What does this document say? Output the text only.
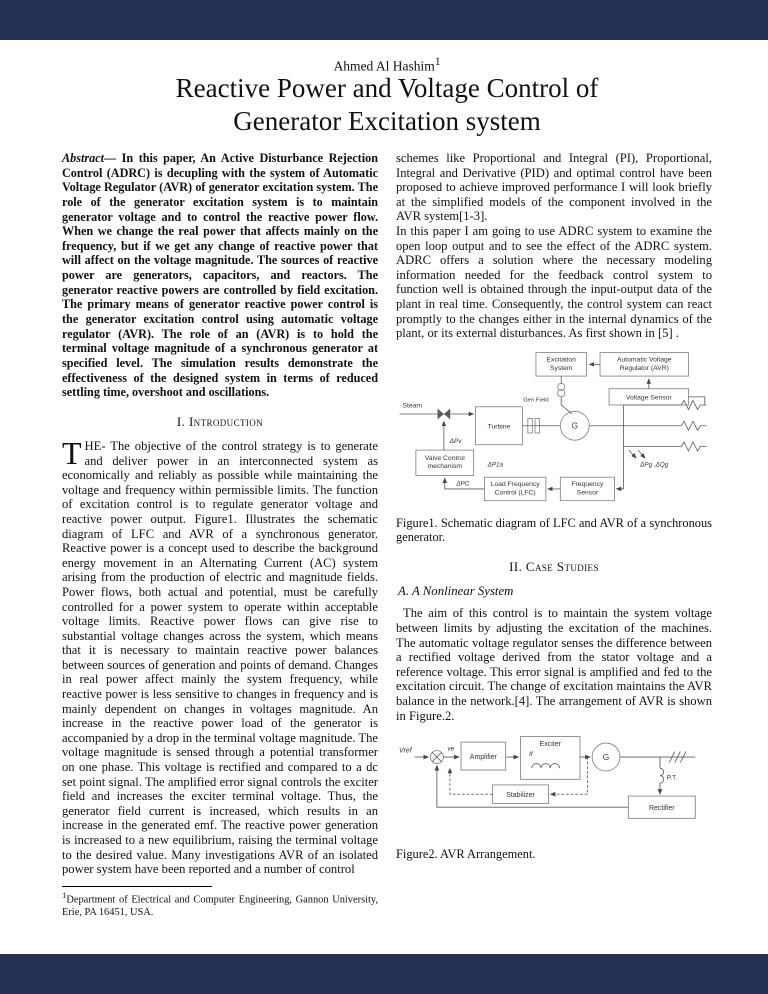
Ahmed Al Hashim$^1$
Reactive Power and Voltage Control of
Generator Excitation system

Abstract— In this paper, An Active Disturbance Rejection Control (ADRC) is decupling with the system of Automatic Voltage Regulator (AVR) of generator excitation system. The role of the generator excitation system is to maintain generator voltage and to control the reactive power flow. When we change the real power that affects mainly on the frequency, but if we get any change of reactive power that will affect on the voltage magnitude. The sources of reactive power are generators, capacitors, and reactors. The generator reactive powers are controlled by field excitation. The primary means of generator reactive power control is the generator excitation control using automatic voltage regulator (AVR). The role of an (AVR) is to hold the terminal voltage magnitude of a synchronous generator at specified level. The simulation results demonstrate the effectiveness of the designed system in terms of reduced settling time, overshoot and oscillations.

I. Introduction

THE- The objective of the control strategy is to generate and deliver power in an interconnected system as economically and reliably as possible while maintaining the voltage and frequency within permissible limits. The function of excitation control is to regulate generator voltage and reactive power output. Figure1. Illustrates the schematic diagram of LFC and AVR of a synchronous generator. Reactive power is a concept used to describe the background energy movement in an Alternating Current (AC) system arising from the production of electric and magnitude fields. Power flows, both actual and potential, must be carefully controlled for a power system to operate within acceptable voltage limits. Reactive power flows can give rise to substantial voltage changes across the system, which means that it is necessary to maintain reactive power balances between sources of generation and points of demand. Changes in real power affect mainly the system frequency, while reactive power is less sensitive to changes in frequency and is mainly dependent on changes in voltages magnitude. An increase in the reactive power load of the generator is accompanied by a drop in the terminal voltage magnitude. The voltage magnitude is sensed through a potential transformer on one phase. This voltage is rectified and compared to a dc set point signal. The amplified error signal controls the exciter field and increases the exciter terminal voltage. Thus, the generator field current is increased, which results in an increase in the generated emf. The reactive power generation is increased to a new equilibrium, raising the terminal voltage to the desired value. Many investigations AVR of an isolated power system have been reported and a number of control

$^1$Department of Electrical and Computer Engineering, Gannon University, Erie, PA 16451, USA.

schemes like Proportional and Integral (PI), Proportional, Integral and Derivative (PID) and optimal control have been proposed to achieve improved performance I will look briefly at the simplified models of the component involved in the AVR system[1-3].

In this paper I am going to use ADRC system to examine the open loop output and to see the effect of the ADRC system. ADRC offers a solution where the necessary modeling information needed for the feedback control system to function well is obtained through the input-output data of the plant in real time. Consequently, the control system can react promptly to the changes either in the internal dynamics of the plant, or its external disturbances. As first shown in [5] .

Excitation
System
Automatic Voltage
Regulator (AVR)
Voltage Sensor
Gen.Field
Steam
Turbine	G
Valve Control
mechanism
Load Frequency
Control (LFC)
Frequency
Sensor
ΔPv
ΔP1a
ΔPC
ΔPg ,ΔQg

Figure1. Schematic diagram of LFC and AVR of a synchronous generator.

II. Case Studies
A. A Nonlinear System

The aim of this control is to maintain the system voltage between limits by adjusting the excitation of the machines. The automatic voltage regulator senses the difference between a rectified voltage derived from the stator voltage and a reference voltage. This error signal is amplified and fed to the excitation circuit. The change of excitation maintains the AVR balance in the network.[4]. The arrangement of AVR is shown in Figure.2.

Vref	ve
Amplifier	If
Exciter
G
P.T.
Stabilizer
Rectifier

Figure2. AVR Arrangement.
